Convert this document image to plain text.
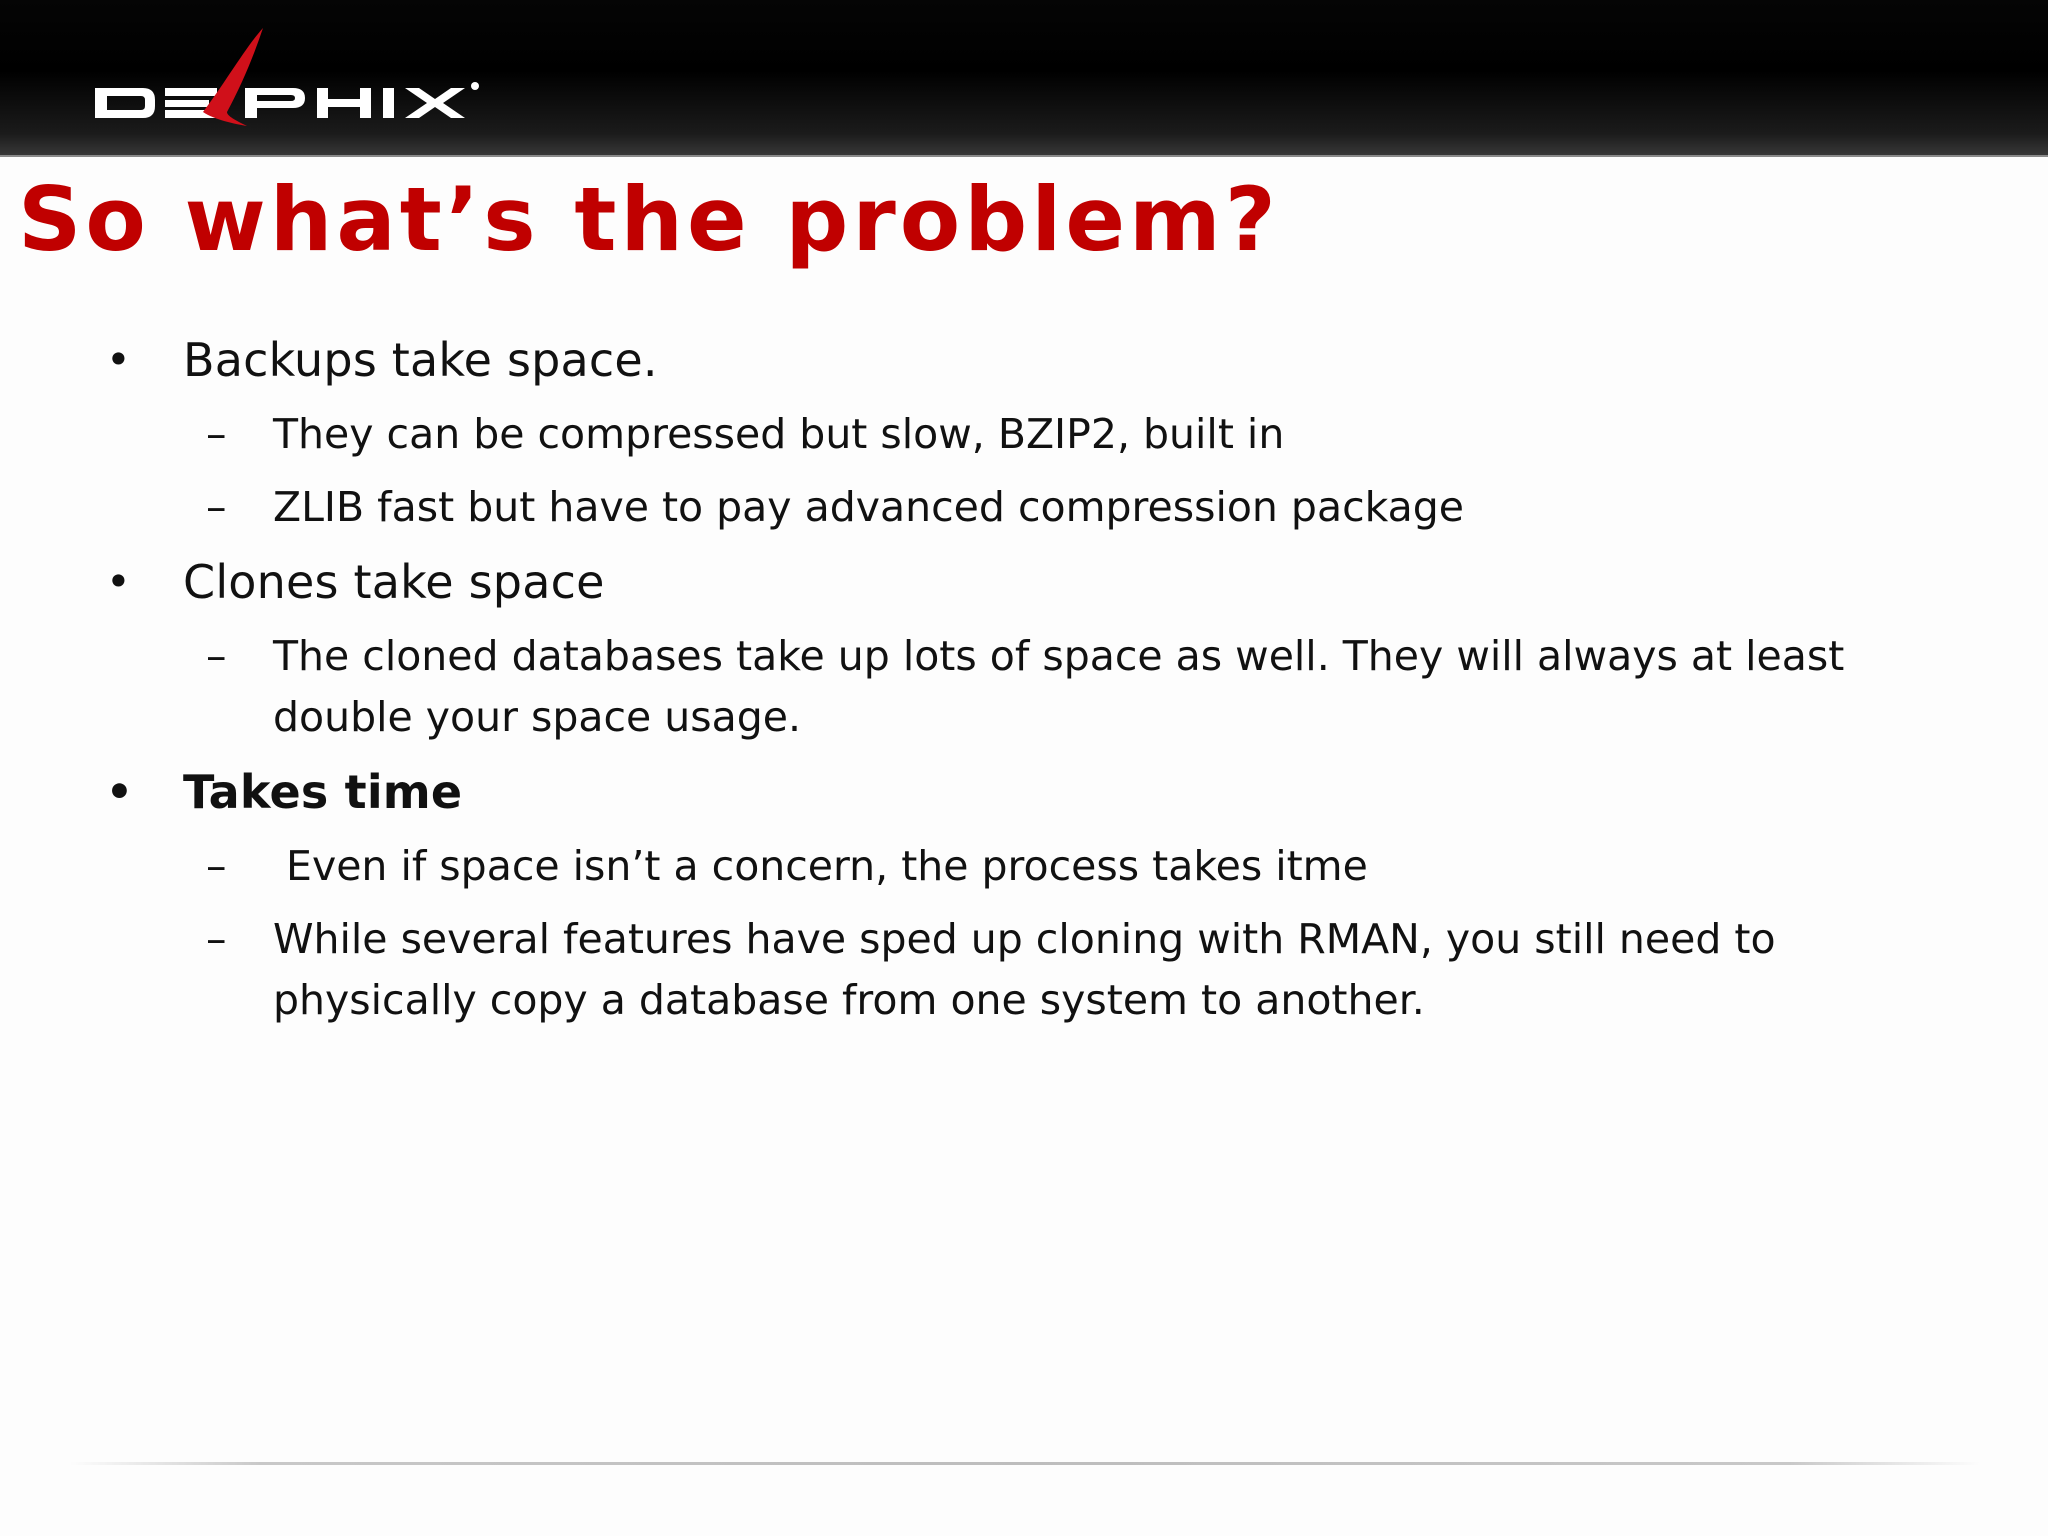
So what’s the problem?
• Backups take space.
– They can be compressed but slow, BZIP2, built in
– ZLIB fast but have to pay advanced compression package
• Clones take space
– The cloned databases take up lots of space as well. They will always at least double your space usage.
• Takes time
– Even if space isn’t a concern, the process takes itme
– While several features have sped up cloning with RMAN, you still need to physically copy a database from one system to another.
